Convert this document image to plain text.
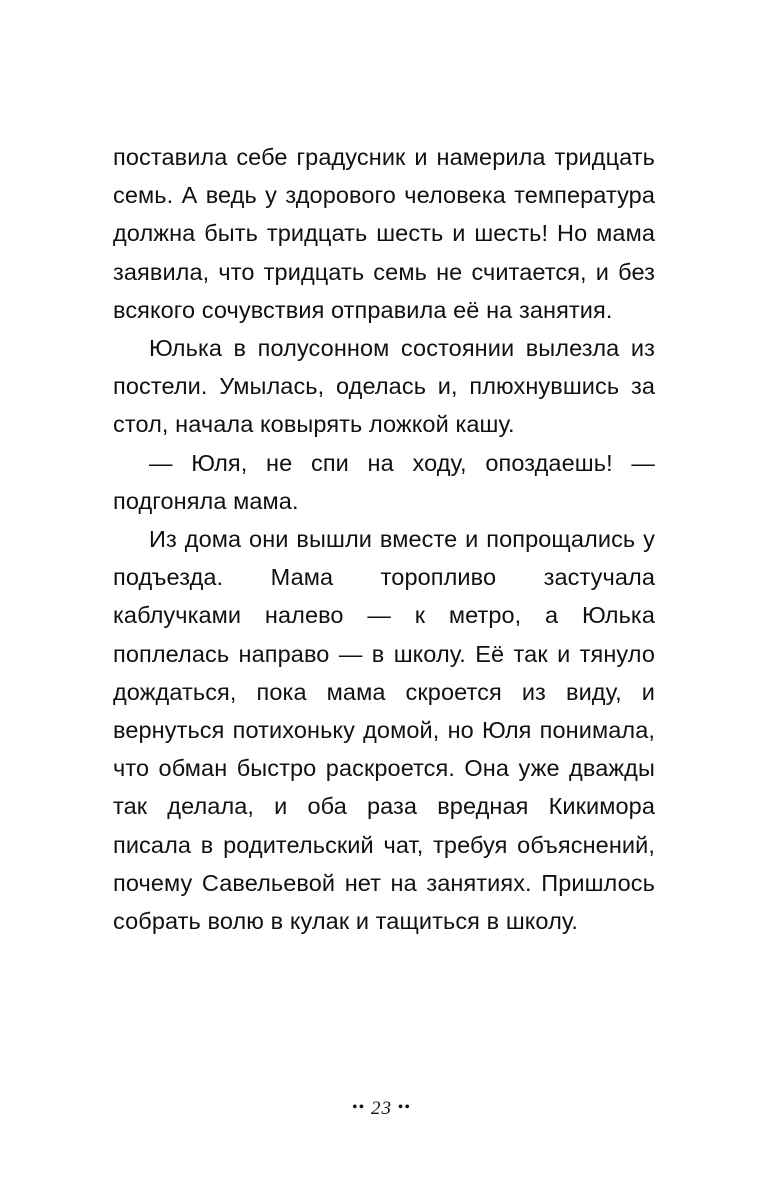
поставила себе градусник и намерила тридцать семь. А ведь у здорового человека температура должна быть тридцать шесть и шесть! Но мама заявила, что тридцать семь не считается, и без всякого сочувствия отправила её на занятия.

Юлька в полусонном состоянии вылезла из постели. Умылась, оделась и, плюхнувшись за стол, начала ковырять ложкой кашу.

— Юля, не спи на ходу, опоздаешь! — подгоняла мама.

Из дома они вышли вместе и попрощались у подъезда. Мама торопливо застучала каблучками налево — к метро, а Юлька поплелась направо — в школу. Её так и тянуло дождаться, пока мама скроется из виду, и вернуться потихоньку домой, но Юля понимала, что обман быстро раскроется. Она уже дважды так делала, и оба раза вредная Кикимора писала в родительский чат, требуя объяснений, почему Савельевой нет на занятиях. Пришлось собрать волю в кулак и тащиться в школу.

•• 23 ••
